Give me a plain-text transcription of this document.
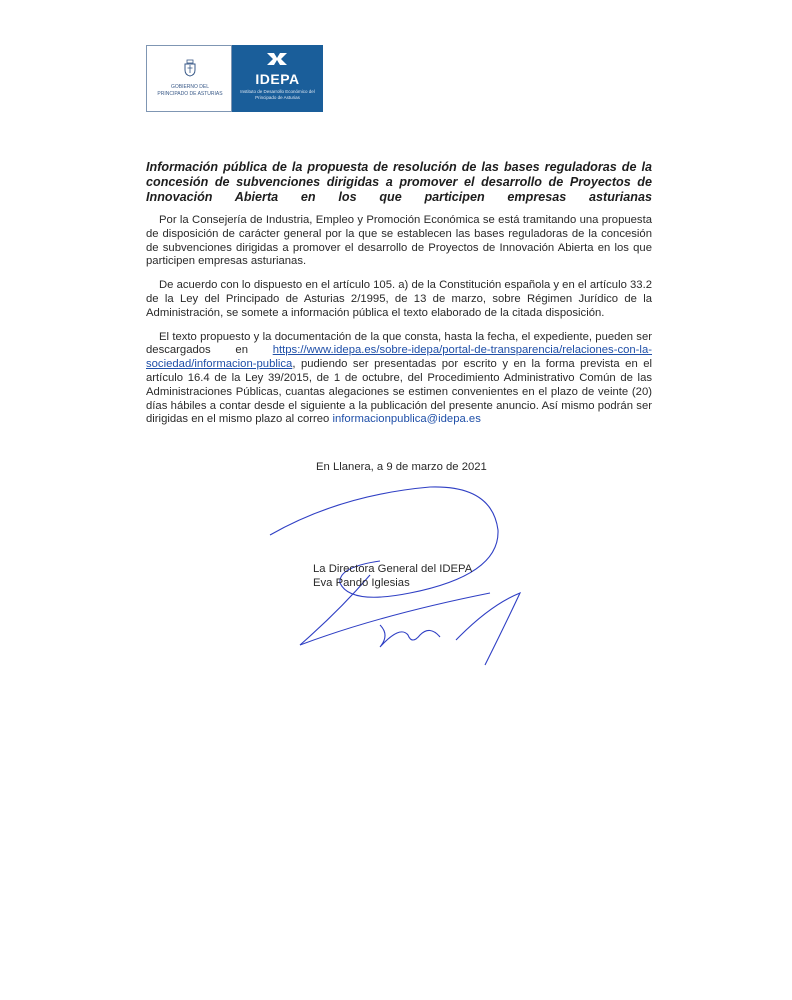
GOBIERNO DEL
PRINCIPADO DE ASTURIAS
IDEPA
Instituto de Desarrollo Económico del Principado de Asturias
Información pública de la propuesta de resolución de las bases reguladoras de la concesión de subvenciones dirigidas a promover el desarrollo de Proyectos de Innovación Abierta en los que participen empresas asturianas

Por la Consejería de Industria, Empleo y Promoción Económica se está tramitando una propuesta de disposición de carácter general por la que se establecen las bases reguladoras de la concesión de subvenciones dirigidas a promover el desarrollo de Proyectos de Innovación Abierta en los que participen empresas asturianas.

De acuerdo con lo dispuesto en el artículo 105. a) de la Constitución española y en el artículo 33.2 de la Ley del Principado de Asturias 2/1995, de 13 de marzo, sobre Régimen Jurídico de la Administración, se somete a información pública el texto elaborado de la citada disposición.

El texto propuesto y la documentación de la que consta, hasta la fecha, el expediente, pueden ser descargados en https://www.idepa.es/sobre-idepa/portal-de-transparencia/relaciones-con-la-sociedad/informacion-publica, pudiendo ser presentadas por escrito y en la forma prevista en el artículo 16.4 de la Ley 39/2015, de 1 de octubre, del Procedimiento Administrativo Común de las Administraciones Públicas, cuantas alegaciones se estimen convenientes en el plazo de veinte (20) días hábiles a contar desde el siguiente a la publicación del presente anuncio. Así mismo podrán ser dirigidas en el mismo plazo al correo informacionpublica@idepa.es

En Llanera, a 9 de marzo de 2021
La Directora General del IDEPA
Eva Pando Iglesias
